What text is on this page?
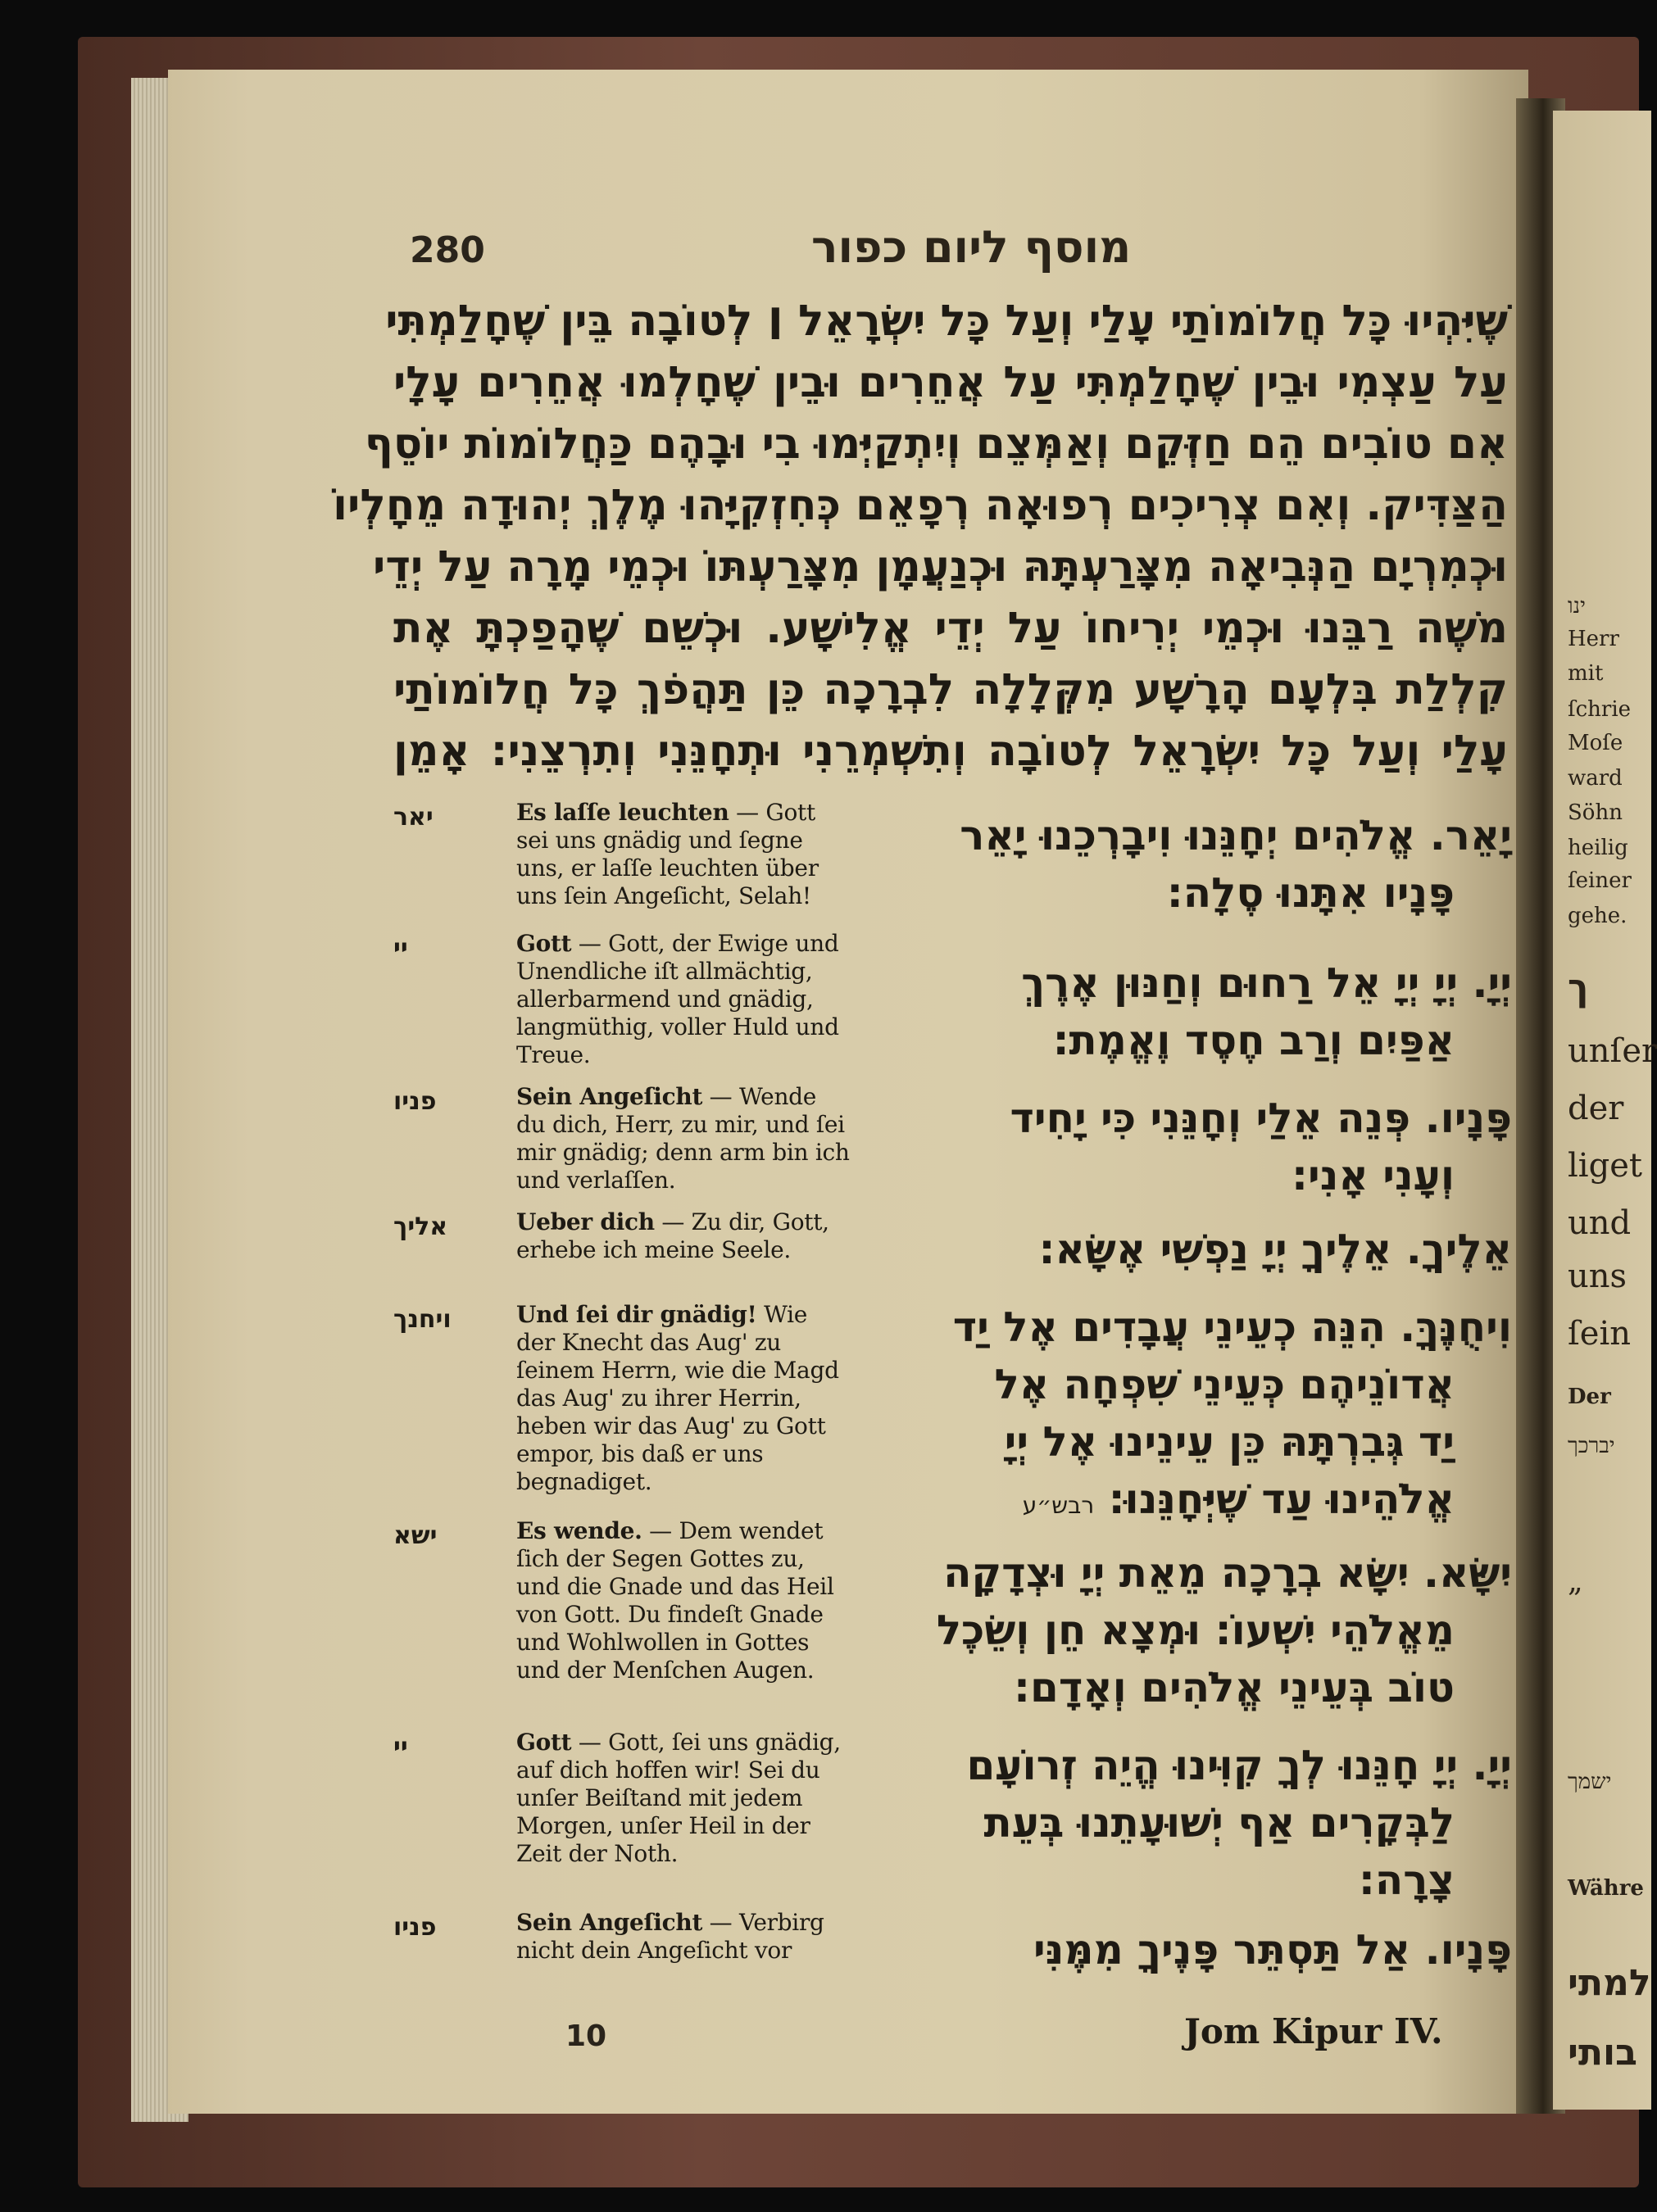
ינו
Herr
mit
ſchrie
Moſe
ward
Söhn
heilig
ſeiner
gehe.
ך
unſer
der
liget
und
uns
ſein
Der
יברכך
„
ישמך
Währe
למתי
בותי
280	מוסף ליום כפור
שֶׁיִּהְיוּ כָּל חֲלוֹמוֹתַי עָלַי וְעַל כָּל יִשְׂרָאֵל ׀ לְטוֹבָה בֵּין שֶׁחָלַמְתִּי
עַל עַצְמִי וּבֵין שֶׁחָלַמְתִּי עַל אֲחֵרִים וּבֵין שֶׁחָלְמוּ אֲחֵרִים עָלָי
אִם טוֹבִים הֵם חַזְּקֵם וְאַמְּצֵם וְיִתְקַיְּמוּ בִי וּבָהֶם כַּחֲלוֹמוֹת יוֹסֵף
הַצַּדִּיק. וְאִם צְרִיכִים רְפוּאָה רְפָאֵם כְּחִזְקִיָּהוּ מֶלֶךְ יְהוּדָה מֵחָלְיוֹ
וּכְמִרְיָם הַנְּבִיאָה מִצָּרַעְתָּהּ וּכְנַעֲמָן מִצָּרַעְתּוֹ וּכְמֵי מָרָה עַל יְדֵי
מֹשֶׁה רַבֵּנוּ וּכְמֵי יְרִיחוֹ עַל יְדֵי אֱלִישָׁע. וּכְשֵׁם שֶׁהָפַכְתָּ אֶת
קִלְלַת בִּלְעָם הָרָשָׁע מִקְּלָלָה לִבְרָכָה כֵּן תַּהֲפֹךְ כָּל חֲלוֹמוֹתַי
עָלַי וְעַל כָּל יִשְׂרָאֵל לְטוֹבָה וְתִשְׁמְרֵנִי וּתְחָנֵּנִי וְתִרְצֵנִי: אָמֵן
יאר	Es laſſe leuchten — Gott sei uns gnädig und ſegne uns, er laſſe leuchten über uns ſein Angeſicht, Selah!
יי	Gott — Gott, der Ewige und Unendliche iſt allmächtig, allerbarmend und gnädig, langmüthig, voller Huld und Treue.
פניו	Sein Angeſicht — Wende du dich, Herr, zu mir, und ſei mir gnädig; denn arm bin ich und verlaſſen.
אליך	Ueber dich — Zu dir, Gott, erhebe ich meine Seele.
ויחנך	Und ſei dir gnädig! Wie der Knecht das Aug' zu ſeinem Herrn, wie die Magd das Aug' zu ihrer Herrin, heben wir das Aug' zu Gott empor, bis daß er uns begnadiget.
ישא	Es wende. — Dem wendet ſich der Segen Gottes zu, und die Gnade und das Heil von Gott. Du findeſt Gnade und Wohlwollen in Gottes und der Menſchen Augen.
יי	Gott — Gott, ſei uns gnädig, auf dich hoffen wir! Sei du unſer Beiſtand mit jedem Morgen, unſer Heil in der Zeit der Noth.
פניו	Sein Angeſicht — Verbirg nicht dein Angeſicht vor
יָאֵר. אֱלֹהִים יְחָנֵּנוּ וִיבָרְכֵנוּ יָאֵר
פָּנָיו אִתָּנוּ סֶלָה:
יְיָ. יְיָ יְיָ אֵל רַחוּם וְחַנּוּן אֶרֶךְ
אַפַּיִם וְרַב חֶסֶד וֶאֱמֶת:
פָּנָיו. פְּנֵה אֵלַי וְחָנֵּנִי כִּי יָחִיד
וְעָנִי אָנִי:
אֵלֶיךָ. אֵלֶיךָ יְיָ נַפְשִׁי אֶשָּׂא:
וִיחֻנֶּךָּ. הִנֵּה כְעֵינֵי עֲבָדִים אֶל יַד
אֲדוֹנֵיהֶם כְּעֵינֵי שִׁפְחָה אֶל
יַד גְּבִרְתָּהּ כֵּן עֵינֵינוּ אֶל יְיָ
אֱלֹהֵינוּ עַד שֶׁיְּחָנֵּנוּ: רבש״ע
יִשָּׂא. יִשָּׂא בְרָכָה מֵאֵת יְיָ וּצְדָקָה
מֵאֱלֹהֵי יִשְׁעוֹ: וּמְצָא חֵן וְשֵׂכֶל
טוֹב בְּעֵינֵי אֱלֹהִים וְאָדָם:
יְיָ. יְיָ חָנֵּנוּ לְךָ קִוִּינוּ הֱיֵה זְרוֹעָם
לַבְּקָרִים אַף יְשׁוּעָתֵנוּ בְּעֵת
צָרָה:
פָּנָיו. אַל תַּסְתֵּר פָּנֶיךָ מִמֶּנִּי
10	Jom Kipur IV.
